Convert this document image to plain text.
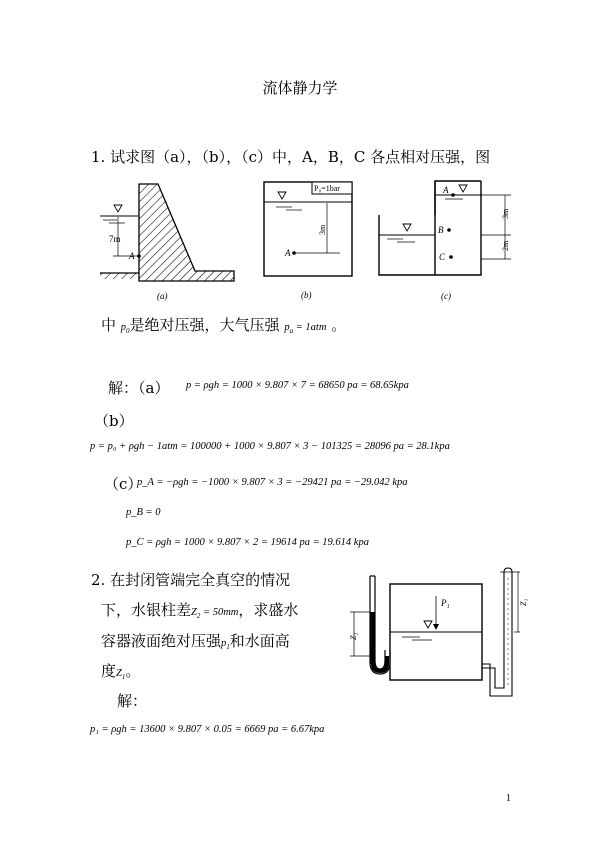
流体静力学
1. 试求图（a），（b），（c）中，A，B，C 各点相对压强，图
7m
A
(a)
P₀=1bar
3m
A
(b)
A
B
C
3m
2m
(c)
中 $p_0$是绝对压强，大气压强 $p_a = 1atm$ 。
解：（a） p = ρgh = 1000 × 9.807 × 7 = 68650 pa = 68.65kpa
（b）
p = p₀ + ρgh − 1atm = 100000 + 1000 × 9.807 × 3 − 101325 = 28096 pa = 28.1kpa
（c）
p_A = −ρgh = −1000 × 9.807 × 3 = −29421 pa = −29.042 kpa
p_B = 0
p_C = ρgh = 1000 × 9.807 × 2 = 19614 pa = 19.614 kpa
2. 在封闭管端完全真空的情况
下，水银柱差$Z_2 = 50mm$，求盛水
容器液面绝对压强$p_1$和水面高
度$Z_1$。
P₁
Z₂
Z₁
解：
p₁ = ρgh = 13600 × 9.807 × 0.05 = 6669 pa = 6.67kpa
1
